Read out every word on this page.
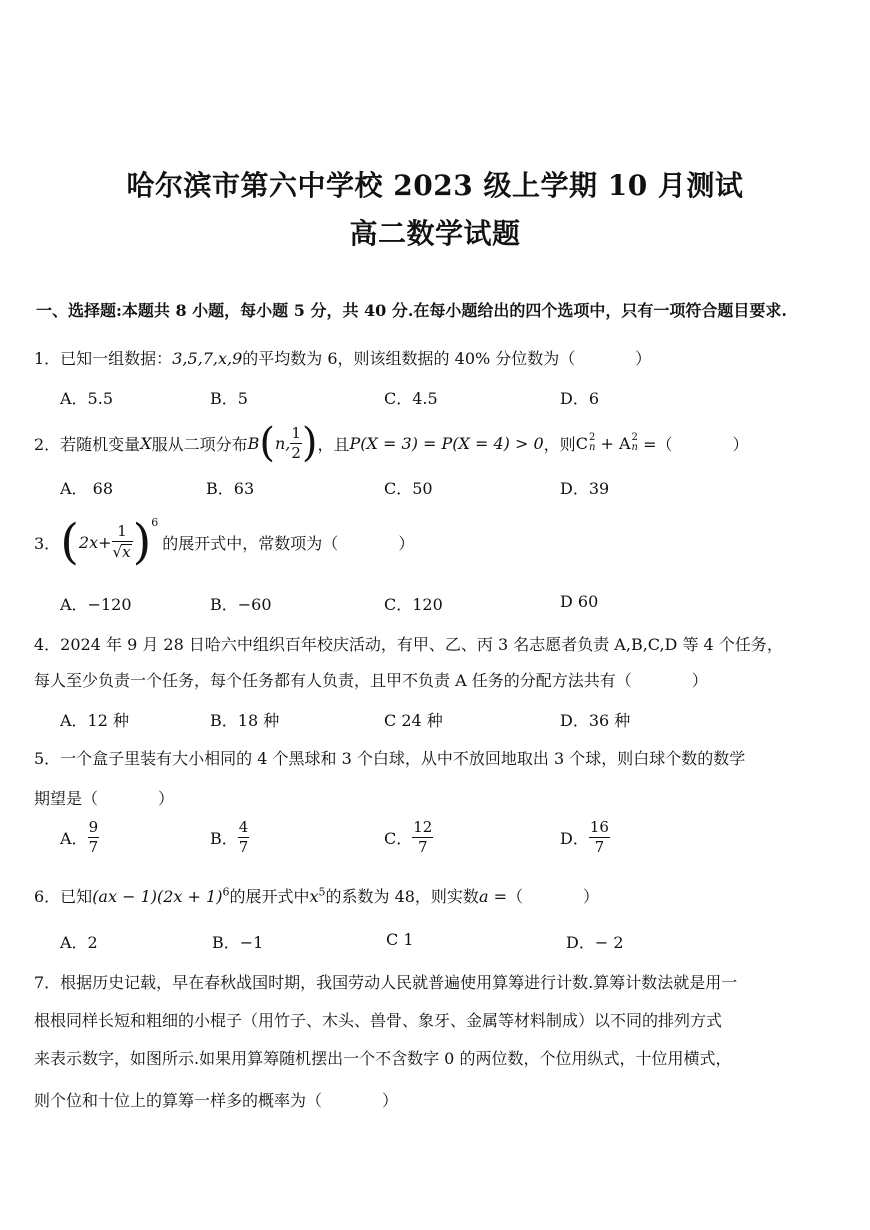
哈尔滨市第六中学校 2023 级上学期 10 月测试
高二数学试题
一、选择题:本题共 8 小题，每小题 5 分，共 40 分.在每小题给出的四个选项中，只有一项符合题目要求.
1．已知一组数据：3,5,7,x,9的平均数为 6，则该组数据的 40% 分位数为（	）
A．5.5	B．5	C．4.5	D．6
2．若随机变量 X 服从二项分布 B ( n, $\frac{1}{2}$ ) ，且 P(X = 3) = P(X = 4) > 0 ，则 C 2
n + A 2
n =（	）
A． 68	B．63	C．50	D．39
3． ( $2x + \frac{1}{√x}$ ) 6
的展开式中，常数项为（	）
A．−120	B．−60	C．120	D 60
4．2024 年 9 月 28 日哈六中组织百年校庆活动，有甲、乙、丙 3 名志愿者负责 A,B,C,D 等 4 个任务，
每人至少负责一个任务，每个任务都有人负责，且甲不负责 A 任务的分配方法共有（	）
A．12 种	B．18 种	C 24 种	D．36 种
5．一个盒子里装有大小相同的 4 个黑球和 3 个白球，从中不放回地取出 3 个球，则白球个数的数学
期望是（	）
A． $\frac{9}{7}$	B． $\frac{4}{7}$	C． $\frac{12}{7}$	D． $\frac{16}{7}$
6．已知$(ax - 1)(2x + 1)^6$的展开式中$x^5$的系数为 48，则实数a =（	）
A．2	B．−1	C 1	D．− 2
7．根据历史记载，早在春秋战国时期，我国劳动人民就普遍使用算筹进行计数.算筹计数法就是用一
根根同样长短和粗细的小棍子（用竹子、木头、兽骨、象牙、金属等材料制成）以不同的排列方式
来表示数字，如图所示.如果用算筹随机摆出一个不含数字 0 的两位数，个位用纵式，十位用横式，
则个位和十位上的算筹一样多的概率为（	）
